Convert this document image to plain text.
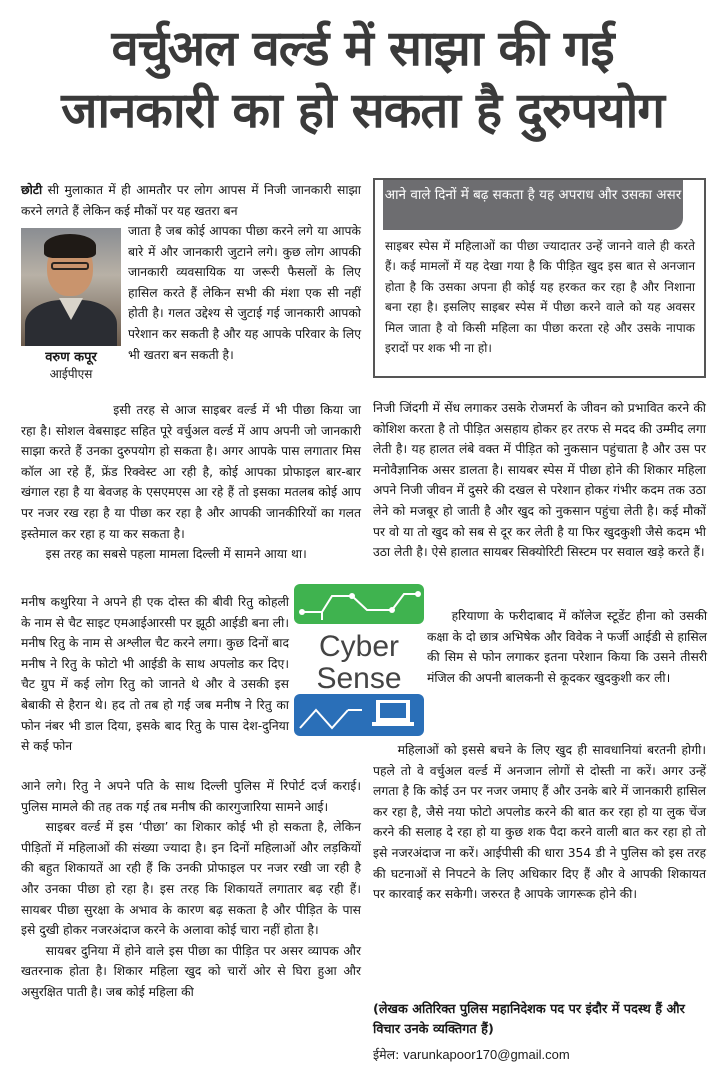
वर्चुअल वर्ल्ड में साझा की गई
जानकारी का हो सकता है दुरुपयोग

छोटी सी मुलाकात में ही आमतौर पर लोग आपस में निजी जानकारी साझा करने लगते हैं लेकिन कई मौकों पर यह खतरा बन

वरुण कपूर
आईपीएस

जाता है जब कोई आपका पीछा करने लगे या आपके बारे में और जानकारी जुटाने लगे। कुछ लोग आपकी जानकारी व्यवसायिक या जरूरी फैसलों के लिए हासिल करते हैं लेकिन सभी की मंशा एक सी नहीं होती है। गलत उद्देश्य से जुटाई गई जानकारी आपको परेशान कर सकती है और यह आपके परिवार के लिए भी खतरा बन सकती है।

इसी तरह से आज साइबर वर्ल्ड में भी पीछा किया जा रहा है। सोशल वेबसाइट सहित पूरे वर्चुअल वर्ल्ड में आप अपनी जो जानकारी साझा करते हैं उनका दुरुपयोग हो सकता है। अगर आपके पास लगातार मिस कॉल आ रहे हैं, फ्रेंड रिक्वेस्ट आ रही है, कोई आपका प्रोफाइल बार-बार खंगाल रहा है या बेवजह के एसएमएस आ रहे हैं तो इसका मतलब कोई आप पर नजर रख रहा है या पीछा कर रहा है और आपकी जानकीरियों का गलत इस्तेमाल कर रहा ह या कर सकता है।

इस तरह का सबसे पहला मामला दिल्ली में सामने आया था।

मनीष कथुरिया ने अपने ही एक दोस्त की बीवी रितु कोहली के नाम से चैट साइट एमआईआरसी पर झूठी आईडी बना ली। मनीष रितु के नाम से अश्लील चैट करने लगा। कुछ दिनों बाद मनीष ने रितु के फोटो भी आईडी के साथ अपलोड कर दिए। चैट ग्रुप में कई लोग रितु को जानते थे और वे उसकी इस बेबाकी से हैरान थे। हद तो तब हो गई जब मनीष ने रितु का फोन नंबर भी डाल दिया, इसके बाद रितु के पास देश-दुनिया से कई फोन

आने लगे। रितु ने अपने पति के साथ दिल्ली पुलिस में रिपोर्ट दर्ज कराई। पुलिस मामले की तह तक गई तब मनीष की कारगुजारिया सामने आई।

साइबर वर्ल्ड में इस ‘पीछा’ का शिकार कोई भी हो सकता है, लेकिन पीड़ितों में महिलाओं की संख्या ज्यादा है। इन दिनों महिलाओं और लड़कियों की बहुत शिकायतें आ रही हैं कि उनकी प्रोफाइल पर नजर रखी जा रही है और उनका पीछा हो रहा है। इस तरह कि शिकायतें लगातार बढ़ रही हैं। सायबर पीछा सुरक्षा के अभाव के कारण बढ़ सकता है और पीड़ित के पास इसे दुखी होकर नजरअंदाज करने के अलावा कोई चारा नहीं होता है।

सायबर दुनिया में होने वाले इस पीछा का पीड़ित पर असर व्यापक और खतरनाक होता है। शिकार महिला खुद को चारों ओर से घिरा हुआ और असुरक्षित पाती है। जब कोई महिला की

आने वाले दिनों में बढ़ सकता है यह अपराध और उसका असर
साइबर स्पेस में महिलाओं का पीछा ज्यादातर उन्हें जानने वाले ही करते हैं। कई मामलों में यह देखा गया है कि पीड़ित खुद इस बात से अनजान होता है कि उसका अपना ही कोई यह हरकत कर रहा है और निशाना बना रहा है। इसलिए साइबर स्पेस में पीछा करने वाले को यह अवसर मिल जाता है वो किसी महिला का पीछा करता रहे और उसके नापाक इरादों पर शक भी ना हो।
Cyber
Sense

निजी जिंदगी में सेंध लगाकर उसके रोजमर्रा के जीवन को प्रभावित करने की कोशिश करता है तो पीड़ित असहाय होकर हर तरफ से मदद की उम्मीद लगा लेती है। यह हालत लंबे वक्त में पीड़ित को नुकसान पहुंचाता है और उस पर मनोवैज्ञानिक असर डालता है। सायबर स्पेस में पीछा होने की शिकार महिला अपने निजी जीवन में दुसरे की दखल से परेशान होकर गंभीर कदम तक उठा लेने को मजबूर हो जाती है और खुद को नुकसान पहुंचा लेती है। कई मौकों पर वो या तो खुद को सब से दूर कर लेती है या फिर खुदकुशी जैसे कदम भी उठा लेती है। ऐसे हालात सायबर सिक्योरिटी सिस्टम पर सवाल खड़े करते हैं।

हरियाणा के फरीदाबाद में कॉलेज स्टूडेंट हीना को उसकी कक्षा के दो छात्र अभिषेक और विवेक ने फर्जी आईडी से हासिल की सिम से फोन लगाकर इतना परेशान किया कि उसने तीसरी मंजिल की अपनी बालकनी से कूदकर खुदकुशी कर ली।

महिलाओं को इससे बचने के लिए खुद ही सावधानियां बरतनी होगी। पहले तो वे वर्चुअल वर्ल्ड में अनजान लोगों से दोस्ती ना करें। अगर उन्हें लगता है कि कोई उन पर नजर जमाए हैं और उनके बारे में जानकारी हासिल कर रहा है, जैसे नया फोटो अपलोड करने की बात कर रहा हो या लुक चेंज करने की सलाह दे रहा हो या कुछ शक पैदा करने वाली बात कर रहा हो तो इसे नजरअंदाज ना करें। आईपीसी की धारा 354 डी ने पुलिस को इस तरह की घटनाओं से निपटने के लिए अधिकार दिए हैं और वे आपकी शिकायत पर कारवाई कर सकेगी। जरुरत है आपके जागरूक होने की।

(लेखक अतिरिक्त पुलिस महानिदेशक पद पर इंदौर में पदस्थ हैं और विचार उनके व्यक्तिगत हैं)
ईमेल: varunkapoor170@gmail.com
